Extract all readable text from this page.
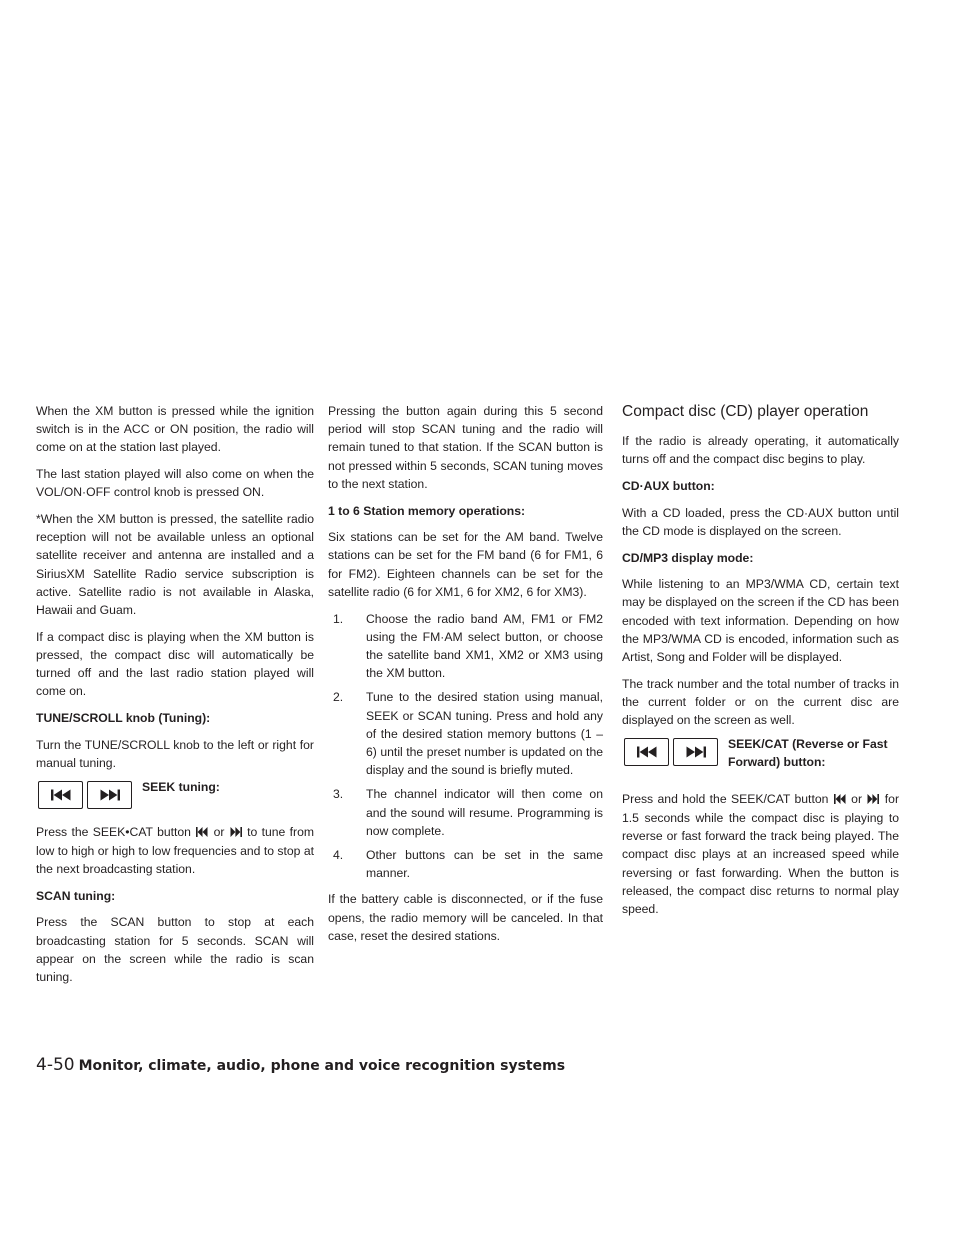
When the XM button is pressed while the ignition switch is in the ACC or ON position, the radio will come on at the station last played.

The last station played will also come on when the VOL/ON·OFF control knob is pressed ON.

*When the XM button is pressed, the satellite radio reception will not be available unless an optional satellite receiver and antenna are installed and a SiriusXM Satellite Radio service subscription is active. Satellite radio is not available in Alaska, Hawaii and Guam.

If a compact disc is playing when the XM button is pressed, the compact disc will automatically be turned off and the last radio station played will come on.

TUNE/SCROLL knob (Tuning):

Turn the TUNE/SCROLL knob to the left or right for manual tuning.

SEEK tuning:

Press the SEEK•CAT button or to tune from low to high or high to low frequencies and to stop at the next broadcasting station.

SCAN tuning:

Press the SCAN button to stop at each broadcasting station for 5 seconds. SCAN will appear on the screen while the radio is scan tuning.

Pressing the button again during this 5 second period will stop SCAN tuning and the radio will remain tuned to that station. If the SCAN button is not pressed within 5 seconds, SCAN tuning moves to the next station.

1 to 6 Station memory operations:

Six stations can be set for the AM band. Twelve stations can be set for the FM band (6 for FM1, 6 for FM2). Eighteen channels can be set for the satellite radio (6 for XM1, 6 for XM2, 6 for XM3).

1.	Choose the radio band AM, FM1 or FM2 using the FM·AM select button, or choose the satellite band XM1, XM2 or XM3 using the XM button.
2.	Tune to the desired station using manual, SEEK or SCAN tuning. Press and hold any of the desired station memory buttons (1 – 6) until the preset number is updated on the display and the sound is briefly muted.
3.	The channel indicator will then come on and the sound will resume. Programming is now complete.
4.	Other buttons can be set in the same manner.

If the battery cable is disconnected, or if the fuse opens, the radio memory will be canceled. In that case, reset the desired stations.

Compact disc (CD) player operation

If the radio is already operating, it automatically turns off and the compact disc begins to play.

CD·AUX button:

With a CD loaded, press the CD·AUX button until the CD mode is displayed on the screen.

CD/MP3 display mode:

While listening to an MP3/WMA CD, certain text may be displayed on the screen if the CD has been encoded with text information. Depending on how the MP3/WMA CD is encoded, information such as Artist, Song and Folder will be displayed.

The track number and the total number of tracks in the current folder or on the current disc are displayed on the screen as well.

SEEK/CAT (Reverse or Fast Forward) button:

Press and hold the SEEK/CAT button or for 1.5 seconds while the compact disc is playing to reverse or fast forward the track being played. The compact disc plays at an increased speed while reversing or fast forwarding. When the button is released, the compact disc returns to normal play speed.

4-50 Monitor, climate, audio, phone and voice recognition systems
